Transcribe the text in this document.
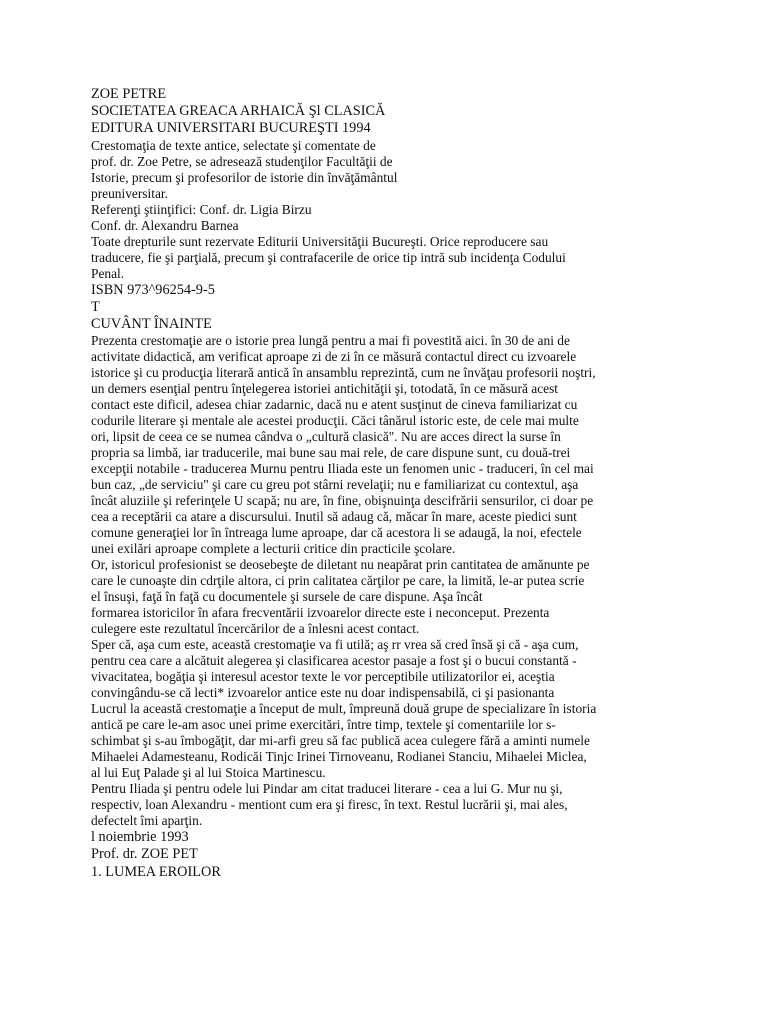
ZOE PETRE
SOCIETATEA GREACA ARHAICĂ Şl CLASICĂ
EDITURA UNIVERSITARI BUCUREŞTI 1994
Crestomaţia de texte antice, selectate şi comentate de
prof. dr. Zoe Petre, se adresează studenţilor Facultăţii de
Istorie, precum şi profesorilor de istorie din învăţământul
preuniversitar.
Referenţi ştiinţifici: Conf. dr. Ligia Birzu
Conf. dr. Alexandru Barnea
Toate drepturile sunt rezervate Editurii Universităţii Bucureşti. Orice reproducere sau
traducere, fie şi parţială, precum şi contrafacerile de orice tip intră sub incidenţa Codului
Penal.
ISBN 973^96254-9-5
T
CUVÂNT ÎNAINTE
Prezenta crestomaţie are o istorie prea lungă pentru a mai fi povestită aici. în 30 de ani de
activitate didactică, am verificat aproape zi de zi în ce măsură contactul direct cu izvoarele
istorice şi cu producţia literară antică în ansamblu reprezintă, cum ne învăţau profesorii noştri,
un demers esenţial pentru înţelegerea istoriei antichităţii şi, totodată, în ce măsură acest
contact este dificil, adesea chiar zadarnic, dacă nu e atent susţinut de cineva familiarizat cu
codurile literare şi mentale ale acestei producţii. Căci tânărul istoric este, de cele mai multe
ori, lipsit de ceea ce se numea cândva o „cultură clasică". Nu are acces direct la surse în
propria sa limbă, iar traducerile, mai bune sau mai rele, de care dispune sunt, cu două-trei
excepţii notabile - traducerea Murnu pentru Iliada este un fenomen unic - traduceri, în cel mai
bun caz, „de serviciu" şi care cu greu pot stârni revelaţii; nu e familiarizat cu contextul, aşa
încât aluziile şi referinţele U scapă; nu are, în fine, obişnuinţa descifrării sensurilor, ci doar pe
cea a receptării ca atare a discursului. Inutil să adaug că, măcar în mare, aceste piedici sunt
comune generaţiei lor în întreaga lume aproape, dar că acestora li se adaugă, la noi, efectele
unei exilări aproape complete a lecturii critice din practicile şcolare.
Or, istoricul profesionist se deosebeşte de diletant nu neapărat prin cantitatea de amănunte pe
care le cunoaşte din cdrţile altora, ci prin calitatea cărţilor pe care, la limită, le-ar putea scrie
el însuşi, faţă în faţă cu documentele şi sursele de care dispune. Aşa încât
formarea istoricilor în afara frecventării izvoarelor directe este i neconceput. Prezenta
culegere este rezultatul încercărilor de a înlesni acest contact.
Sper că, aşa cum este, această crestomaţie va fi utilă; aş rr vrea să cred însă şi că - aşa cum,
pentru cea care a alcătuit alegerea şi clasificarea acestor pasaje a fost şi o bucui constantă -
vivacitatea, bogăţia şi interesul acestor texte le vor perceptibile utilizatorilor ei, aceştia
convingându-se că lecti* izvoarelor antice este nu doar indispensabilă, ci şi pasionanta
Lucrul la această crestomaţie a început de mult, împreună două grupe de specializare în istoria
antică pe care le-am asoc unei prime exercitări, între timp, textele şi comentariile lor s-
schimbat şi s-au îmbogăţit, dar mi-arfi greu să fac publică acea culegere fără a aminti numele
Mihaelei Adamesteanu, Rodicăi Tinjc Irinei Tirnoveanu, Rodianei Stanciu, Mihaelei Miclea,
al lui Euţ Palade şi al lui Stoica Martinescu.
Pentru Iliada şi pentru odele lui Pindar am citat traducei literare - cea a lui G. Mur nu şi,
respectiv, loan Alexandru - mentiont cum era şi firesc, în text. Restul lucrării şi, mai ales,
defectelt îmi aparţin.
l noiembrie 1993
Prof. dr. ZOE PET
1. LUMEA EROILOR
